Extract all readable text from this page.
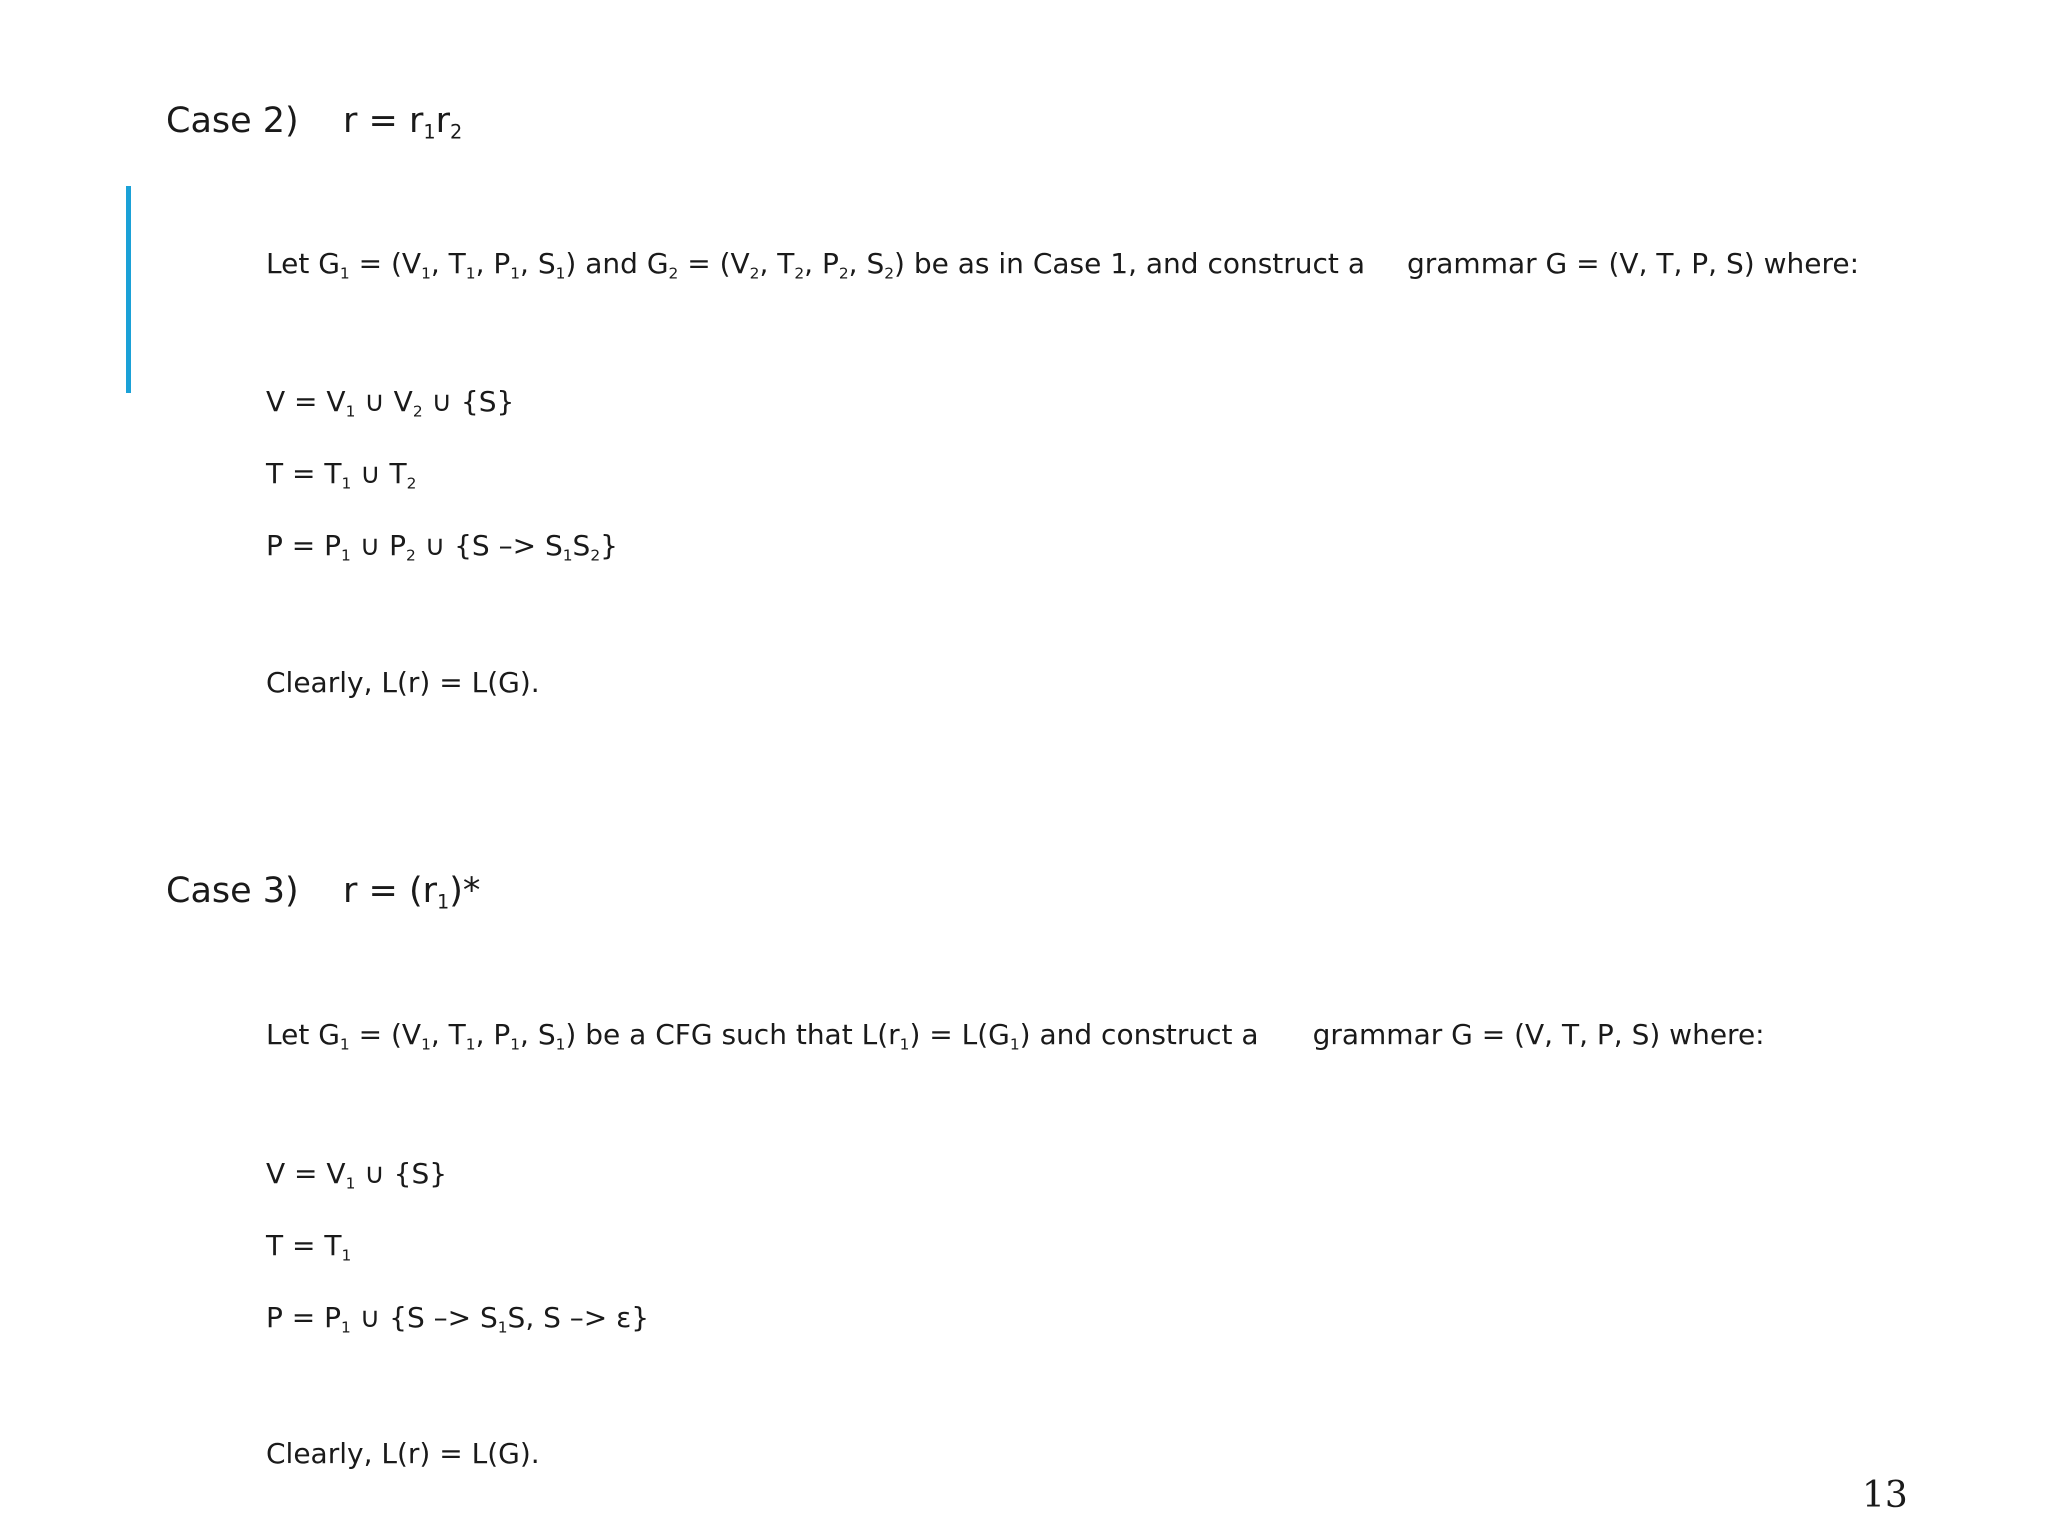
Case 2) $r = r_1r_2$
Let $G_1 = (V_1$, $T_1$, $P_1$, $S_1$) and $G_2 = (V_2$, $T_2$, $P_2$, $S_2$) be as in Case 1, and construct a grammar G = (V, T, P, S) where:
$V = V_1$ ∪ $V_2$ ∪ {S}
$T = T_1$ ∪ $T_2$
$P = P_1$ ∪ $P_2$ ∪ $\{S -> S_1S_2\}$
Clearly, L(r) = L(G).
Case 3) $r = (r_1)*$
Let $G_1 = (V_1$, $T_1$, $P_1$, $S_1$) be a CFG such that $L(r_1) = L(G_1)$ and construct a grammar G = (V, T, P, S) where:
$V = V_1$ ∪ {S}
$T = T_1$
$P = P_1$ ∪ {$S -> S_1S$, S –> ε}
Clearly, L(r) = L(G).
13
